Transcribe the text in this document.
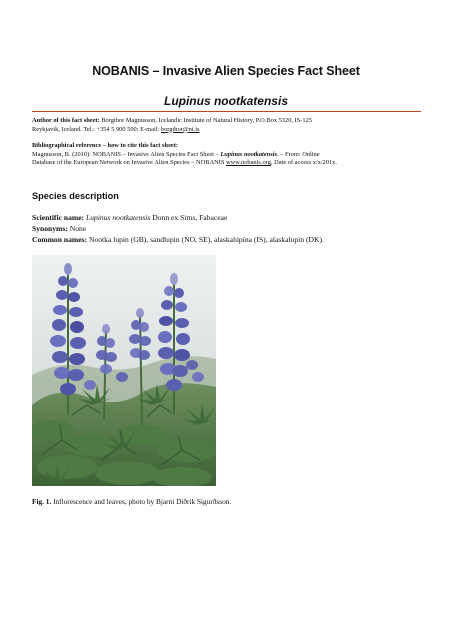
NOBANIS – Invasive Alien Species Fact Sheet
Lupinus nootkatensis
Author of this fact sheet: Borgthor Magnusson, Icelandic Institute of Natural History, P.O.Box 5320, IS-125
Reykjavik, Iceland. Tel.: +354 5 900 500; E-mail: borgthor@ni.is
Bibliographical reference – how to cite this fact sheet:
Magnusson, B. (2010): NOBANIS – Invasive Alien Species Fact Sheet – Lupinus nootkatensis. – From: Online
Database of the European Network on Invasive Alien Species – NOBANIS www.nobanis.org, Date of access x/x/201x.
Species description
Scientific name: Lupinus nootkatensis Donn ex Sims, Fabaceae
Synonyms: None
Common names: Nootka lupin (GB), sandlupin (NO, SE), alaskalúpína (IS), alaskalupin (DK).
Fig. 1. Inflorescence and leaves, photo by Bjarni Diðrik Sigurðsson.
